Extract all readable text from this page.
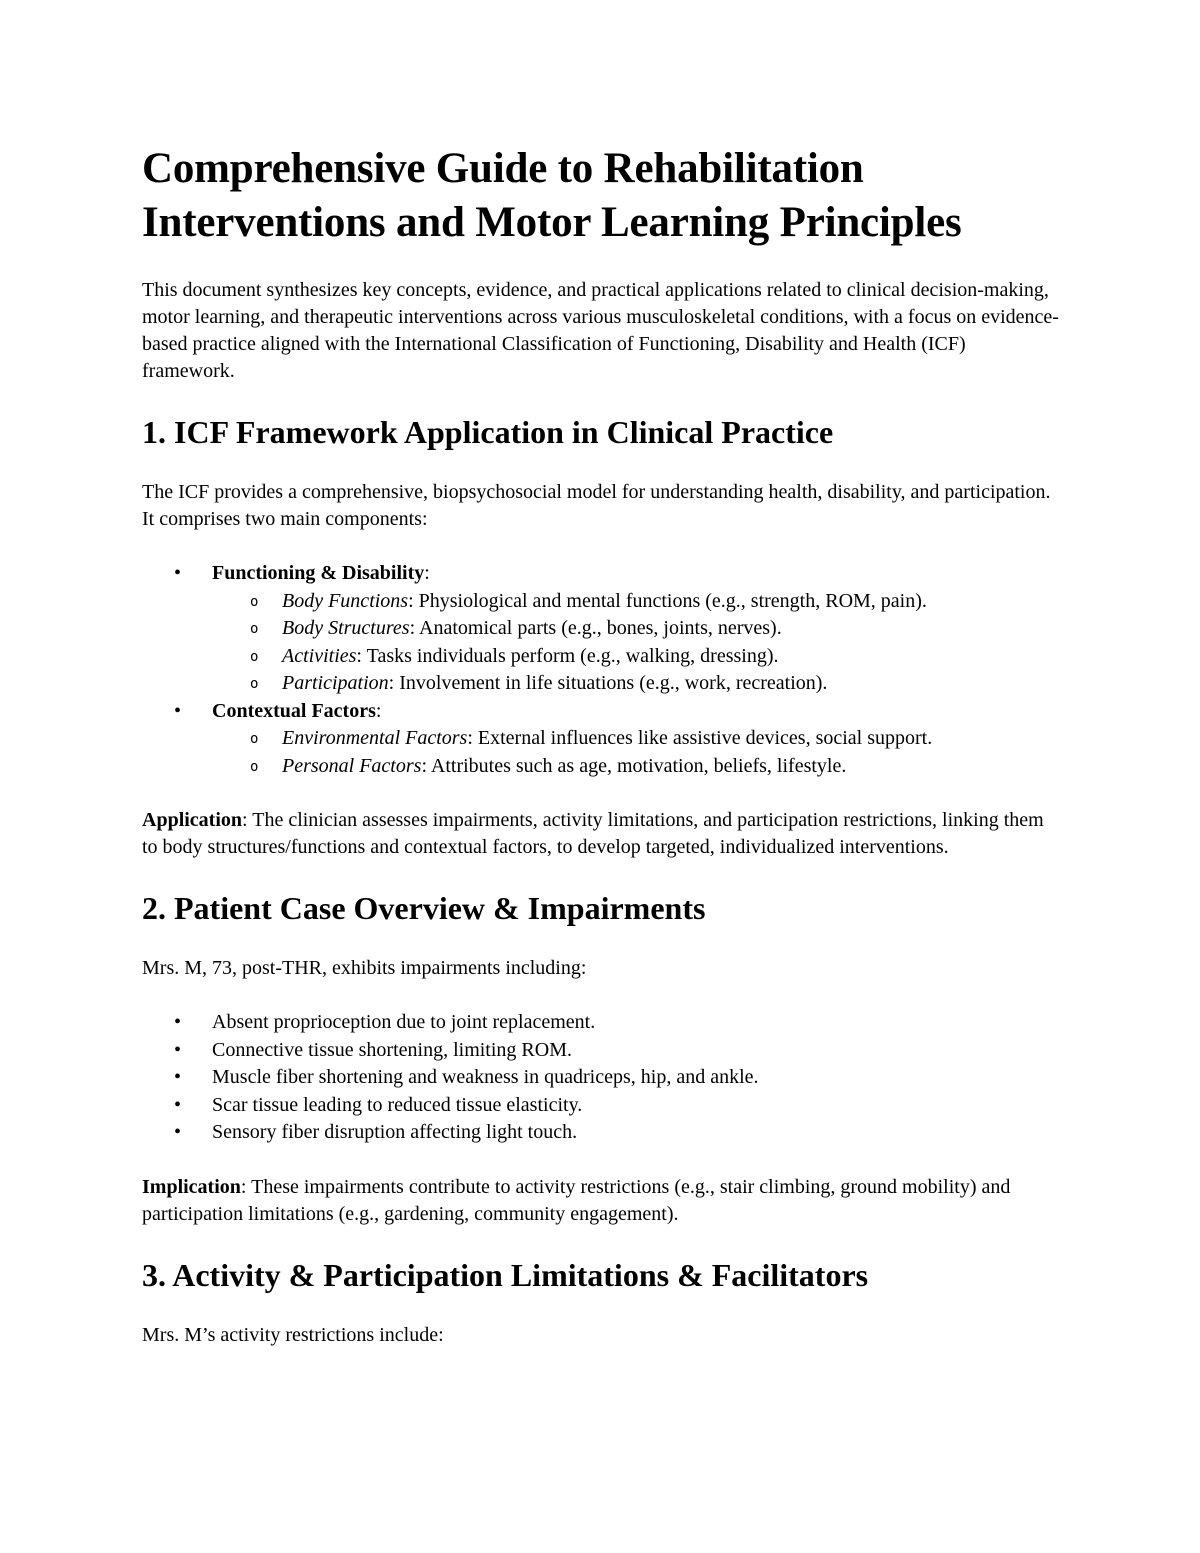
Comprehensive Guide to Rehabilitation Interventions and Motor Learning Principles

This document synthesizes key concepts, evidence, and practical applications related to clinical decision-making, motor learning, and therapeutic interventions across various musculoskeletal conditions, with a focus on evidence-based practice aligned with the International Classification of Functioning, Disability and Health (ICF) framework.

1. ICF Framework Application in Clinical Practice

The ICF provides a comprehensive, biopsychosocial model for understanding health, disability, and participation. It comprises two main components:

• Functioning & Disability:
o Body Functions: Physiological and mental functions (e.g., strength, ROM, pain).
o Body Structures: Anatomical parts (e.g., bones, joints, nerves).
o Activities: Tasks individuals perform (e.g., walking, dressing).
o Participation: Involvement in life situations (e.g., work, recreation).
• Contextual Factors:
o Environmental Factors: External influences like assistive devices, social support.
o Personal Factors: Attributes such as age, motivation, beliefs, lifestyle.

Application: The clinician assesses impairments, activity limitations, and participation restrictions, linking them to body structures/functions and contextual factors, to develop targeted, individualized interventions.

2. Patient Case Overview & Impairments

Mrs. M, 73, post-THR, exhibits impairments including:

• Absent proprioception due to joint replacement.
• Connective tissue shortening, limiting ROM.
• Muscle fiber shortening and weakness in quadriceps, hip, and ankle.
• Scar tissue leading to reduced tissue elasticity.
• Sensory fiber disruption affecting light touch.

Implication: These impairments contribute to activity restrictions (e.g., stair climbing, ground mobility) and participation limitations (e.g., gardening, community engagement).

3. Activity & Participation Limitations & Facilitators

Mrs. M’s activity restrictions include:
